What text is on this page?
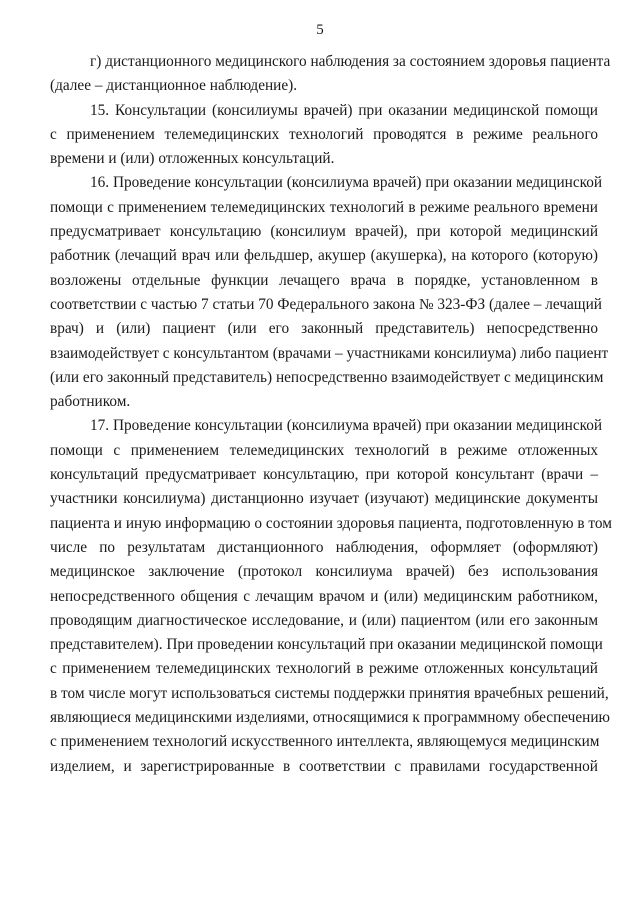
5
г) дистанционного медицинского наблюдения за состоянием здоровья пациента
(далее – дистанционное наблюдение).
15. Консультации (консилиумы врачей) при оказании медицинской помощи
с применением телемедицинских технологий проводятся в режиме реального
времени и (или) отложенных консультаций.
16. Проведение консультации (консилиума врачей) при оказании медицинской
помощи с применением телемедицинских технологий в режиме реального времени
предусматривает консультацию (консилиум врачей), при которой медицинский
работник (лечащий врач или фельдшер, акушер (акушерка), на которого (которую)
возложены отдельные функции лечащего врача в порядке, установленном в
соответствии с частью 7 статьи 70 Федерального закона № 323-ФЗ (далее – лечащий
врач) и (или) пациент (или его законный представитель) непосредственно
взаимодействует с консультантом (врачами – участниками консилиума) либо пациент
(или его законный представитель) непосредственно взаимодействует с медицинским
работником.
17. Проведение консультации (консилиума врачей) при оказании медицинской
помощи с применением телемедицинских технологий в режиме отложенных
консультаций предусматривает консультацию, при которой консультант (врачи –
участники консилиума) дистанционно изучает (изучают) медицинские документы
пациента и иную информацию о состоянии здоровья пациента, подготовленную в том
числе по результатам дистанционного наблюдения, оформляет (оформляют)
медицинское заключение (протокол консилиума врачей) без использования
непосредственного общения с лечащим врачом и (или) медицинским работником,
проводящим диагностическое исследование, и (или) пациентом (или его законным
представителем). При проведении консультаций при оказании медицинской помощи
с применением телемедицинских технологий в режиме отложенных консультаций
в том числе могут использоваться системы поддержки принятия врачебных решений,
являющиеся медицинскими изделиями, относящимися к программному обеспечению
с применением технологий искусственного интеллекта, являющемуся медицинским
изделием, и зарегистрированные в соответствии с правилами государственной
